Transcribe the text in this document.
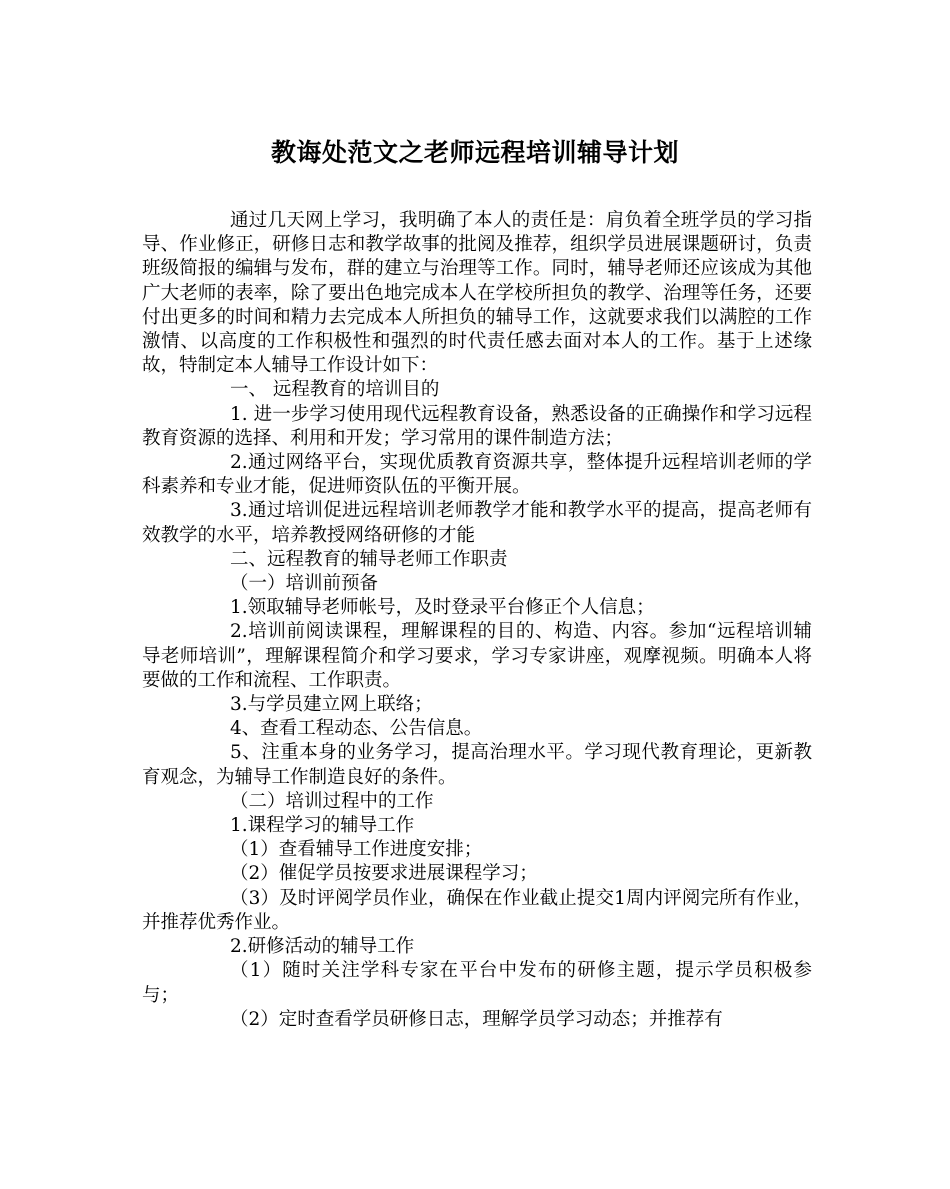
教诲处范文之老师远程培训辅导计划

通过几天网上学习，我明确了本人的责任是：肩负着全班学员的学习指导、作业修正，研修日志和教学故事的批阅及推荐，组织学员进展课题研讨，负责班级简报的编辑与发布，群的建立与治理等工作。同时，辅导老师还应该成为其他广大老师的表率，除了要出色地完成本人在学校所担负的教学、治理等任务，还要付出更多的时间和精力去完成本人所担负的辅导工作，这就要求我们以满腔的工作激情、以高度的工作积极性和强烈的时代责任感去面对本人的工作。基于上述缘故，特制定本人辅导工作设计如下：

一、 远程教育的培训目的

1. 进一步学习使用现代远程教育设备，熟悉设备的正确操作和学习远程教育资源的选择、利用和开发；学习常用的课件制造方法；

2.通过网络平台，实现优质教育资源共享，整体提升远程培训老师的学科素养和专业才能，促进师资队伍的平衡开展。

3.通过培训促进远程培训老师教学才能和教学水平的提高，提高老师有效教学的水平，培养教授网络研修的才能

二、远程教育的辅导老师工作职责

（一）培训前预备

1.领取辅导老师帐号，及时登录平台修正个人信息；

2.培训前阅读课程，理解课程的目的、构造、内容。参加“远程培训辅导老师培训”，理解课程简介和学习要求，学习专家讲座，观摩视频。明确本人将要做的工作和流程、工作职责。

3.与学员建立网上联络；

4、查看工程动态、公告信息。

5、注重本身的业务学习，提高治理水平。学习现代教育理论，更新教育观念，为辅导工作制造良好的条件。

（二）培训过程中的工作

1.课程学习的辅导工作

（1）查看辅导工作进度安排；

（2）催促学员按要求进展课程学习；

（3）及时评阅学员作业，确保在作业截止提交1周内评阅完所有作业，并推荐优秀作业。

2.研修活动的辅导工作

（1）随时关注学科专家在平台中发布的研修主题，提示学员积极参与；

（2）定时查看学员研修日志，理解学员学习动态；并推荐有
